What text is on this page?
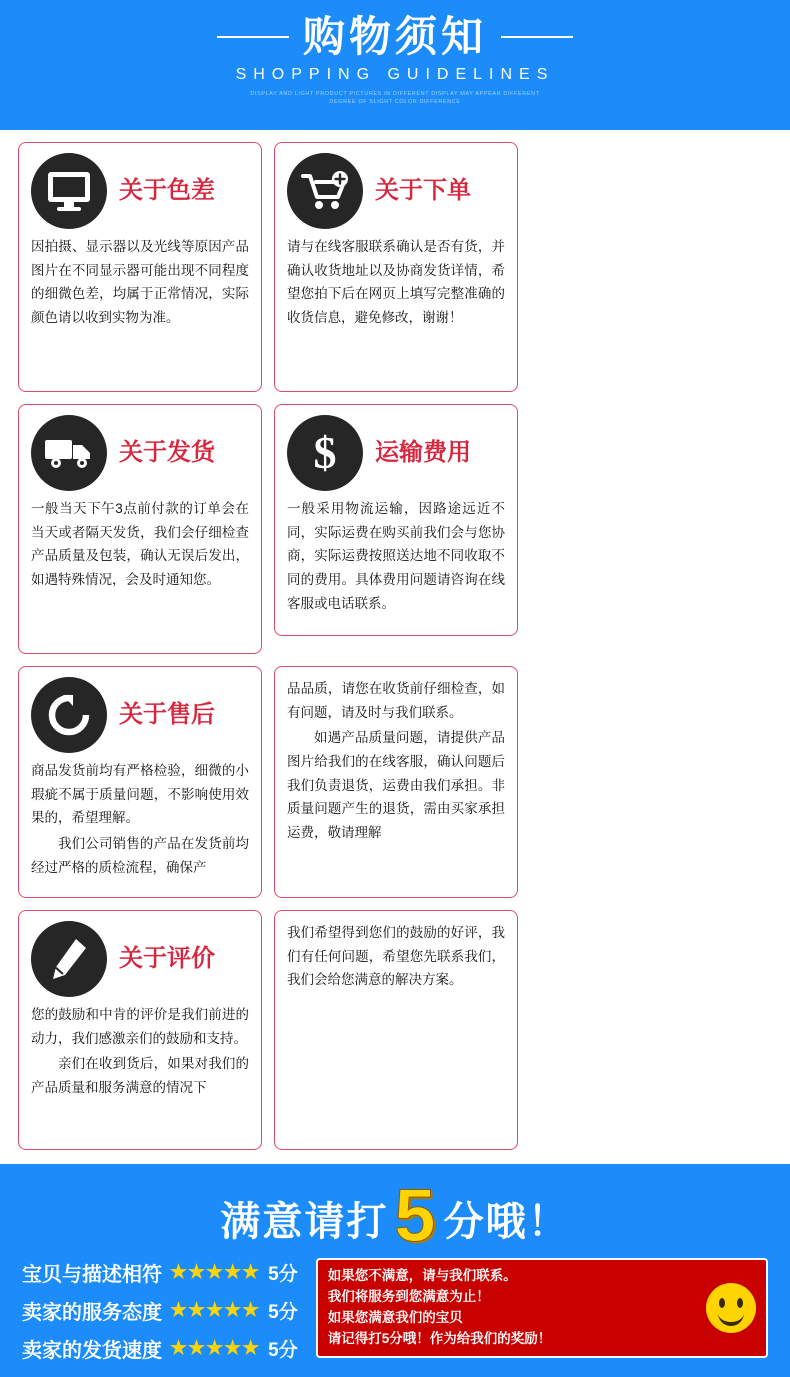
购物须知
SHOPPING GUIDELINES
DISPLAY AND LIGHT PRODUCT PICTURES IN DIFFERENT DISPLAY MAY APPEAR DIFFERENT DEGREE OF SLIGHT COLOR DIFFERENCE
关于色差

因拍摄、显示器以及光线等原因产品图片在不同显示器可能出现不同程度的细微色差，均属于正常情况，实际颜色请以收到实物为准。

关于下单

请与在线客服联系确认是否有货，并确认收货地址以及协商发货详情，希望您拍下后在网页上填写完整准确的收货信息，避免修改，谢谢！

关于发货

一般当天下午3点前付款的订单会在当天或者隔天发货，我们会仔细检查产品质量及包装，确认无误后发出，如遇特殊情况，会及时通知您。

$ 运输费用

一般采用物流运输，因路途远近不同，实际运费在购买前我们会与您协商，实际运费按照送达地不同收取不同的费用。具体费用问题请咨询在线客服或电话联系。

关于售后

商品发货前均有严格检验，细微的小瑕疵不属于质量问题，不影响使用效果的，希望理解。

我们公司销售的产品在发货前均经过严格的质检流程，确保产

品品质，请您在收货前仔细检查，如有问题，请及时与我们联系。

如遇产品质量问题，请提供产品图片给我们的在线客服，确认问题后我们负责退货，运费由我们承担。非质量问题产生的退货，需由买家承担运费，敬请理解

关于评价

您的鼓励和中肯的评价是我们前进的动力，我们感激亲们的鼓励和支持。

亲们在收到货后，如果对我们的产品质量和服务满意的情况下

我们希望得到您们的鼓励的好评，我们有任何问题，希望您先联系我们，我们会给您满意的解决方案。

满意请打 5 分哦！
宝贝与描述相符 ★★★★★ 5分
卖家的服务态度 ★★★★★ 5分
卖家的发货速度 ★★★★★ 5分
如果您不满意，请与我们联系。
我们将服务到您满意为止！
如果您满意我们的宝贝
请记得打5分哦！作为给我们的奖励！
